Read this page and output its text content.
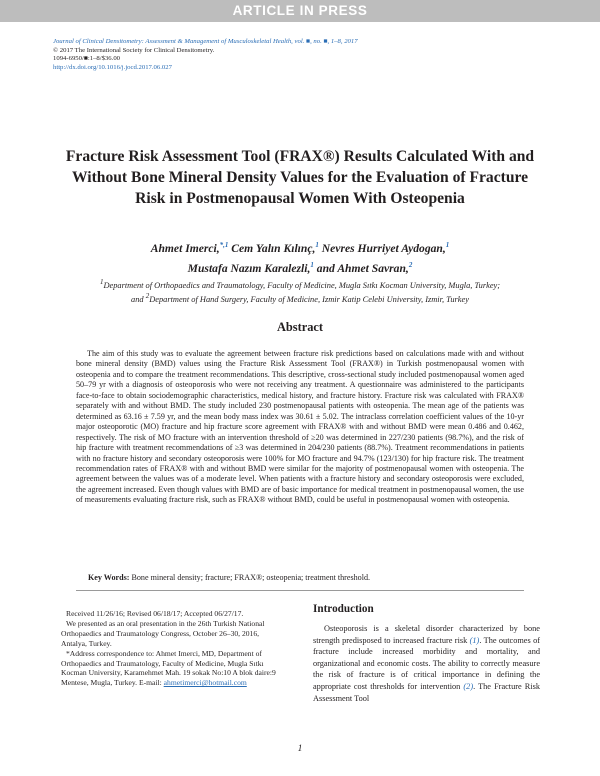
ARTICLE IN PRESS
Journal of Clinical Densitometry: Assessment & Management of Musculoskeletal Health, vol. ■, no. ■, 1–8, 2017
© 2017 The International Society for Clinical Densitometry.
1094-6950/■:1–8/$36.00
http://dx.doi.org/10.1016/j.jocd.2017.06.027
Fracture Risk Assessment Tool (FRAX®) Results Calculated With and Without Bone Mineral Density Values for the Evaluation of Fracture Risk in Postmenopausal Women With Osteopenia
Ahmet Imerci,$^{*,1}$ Cem Yalın Kılınç,$^1$ Nevres Hurriyet Aydogan,$^1$
Mustafa Nazım Karalezli,$^1$ and Ahmet Savran,$^2$
$^1$Department of Orthopaedics and Traumatology, Faculty of Medicine, Mugla Sıtkı Kocman University, Mugla, Turkey;
and $^2$Department of Hand Surgery, Faculty of Medicine, Izmir Katip Celebi University, Izmir, Turkey
Abstract

The aim of this study was to evaluate the agreement between fracture risk predictions based on calculations made with and without bone mineral density (BMD) values using the Fracture Risk Assessment Tool (FRAX®) in Turkish postmenopausal women with osteopenia and to compare the treatment recommendations. This descriptive, cross-sectional study included postmenopausal women aged 50–79 yr with a diagnosis of osteoporosis who were not receiving any treatment. A questionnaire was administered to the participants face-to-face to obtain sociodemographic characteristics, medical history, and fracture history. Fracture risk was calculated with FRAX® separately with and without BMD. The study included 230 postmenopausal patients with osteopenia. The mean age of the patients was determined as 63.16 ± 7.59 yr, and the mean body mass index was 30.61 ± 5.02. The intraclass correlation coefficient values of the 10-yr major osteoporotic (MO) fracture and hip fracture score agreement with FRAX® with and without BMD were mean 0.486 and 0.462, respectively. The risk of MO fracture with an intervention threshold of ≥20 was determined in 227/230 patients (98.7%), and the risk of hip fracture with treatment recommendations of ≥3 was determined in 204/230 patients (88.7%). Treatment recommendations in patients with no fracture history and secondary osteoporosis were 100% for MO fracture and 94.7% (123/130) for hip fracture risk. The treatment recommendation rates of FRAX® with and without BMD were similar for the majority of postmenopausal women with osteopenia. The agreement between the values was of a moderate level. When patients with a fracture history and secondary osteoporosis were excluded, the agreement increased. Even though values with BMD are of basic importance for medical treatment in postmenopausal women, the use of measurements evaluating fracture risk, such as FRAX® without BMD, could be useful in postmenopausal women with osteopenia.

Key Words: Bone mineral density; fracture; FRAX®; osteopenia; treatment threshold.

Received 11/26/16; Revised 06/18/17; Accepted 06/27/17.

We presented as an oral presentation in the 26th Turkish National Orthopaedics and Traumatology Congress, October 26–30, 2016, Antalya, Turkey.

*Address correspondence to: Ahmet Imerci, MD, Department of Orthopaedics and Traumatology, Faculty of Medicine, Mugla Sıtkı Kocman University, Karamehmet Mah. 19 sokak No:10 A blok daire:9 Mentese, Mugla, Turkey. E-mail: ahmetimerci@hotmail.com

Introduction

Osteoporosis is a skeletal disorder characterized by bone strength predisposed to increased fracture risk (1). The outcomes of fracture include increased morbidity and mortality, and organizational and economic costs. The ability to correctly measure the risk of fracture is of critical importance in defining the appropriate cost thresholds for intervention (2). The Fracture Risk Assessment Tool

1
